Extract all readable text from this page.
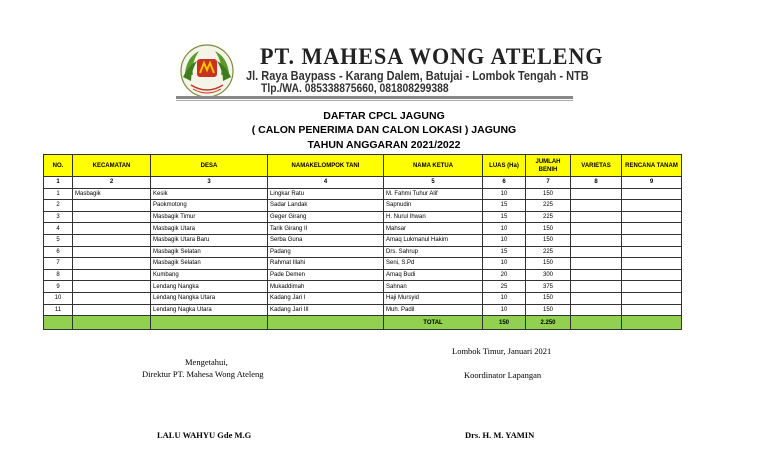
PT. MAHESA WONG ATELENG
Jl. Raya Baypass - Karang Dalem, Batujai - Lombok Tengah - NTB
Tlp./WA. 085338875660, 081808299388
DAFTAR CPCL JAGUNG
( CALON PENERIMA DAN CALON LOKASI ) JAGUNG
TAHUN ANGGARAN 2021/2022
NO.	KECAMATAN	DESA	NAMAKELOMPOK TANI	NAMA KETUA	LUAS (Ha)	JUMLAH BENIH	VARIETAS	RENCANA TANAM
1	2	3	4	5	6	7	8	9
1	Masbagik	Kesik	Lingkar Ratu	M. Fahmi Tuhur Alif	10	150		
2		Paokmotong	Sadar Landak	Sapnudin	15	225		
3		Masbagik Timur	Geger Girang	H. Nurul Ihwan	15	225		
4		Masbagik Utara	Tarik Girang II	Mahsar	10	150		
5		Masbagik Utara Baru	Serba Guna	Amaq Lukmanul Hakim	10	150		
6		Masbagik Selatan	Padang	Drs. Sahrup	15	225		
7		Masbagik Selatan	Rahmat Illahi	Seni, S.Pd	10	150		
8		Kumbang	Pade Demen	Amaq Budi	20	300		
9		Lendang Nangka	Mukaddimah	Sahnan	25	375		
10		Lendang Nangka Utara	Kadang Jari I	Haji Mursyid	10	150		
11		Lendang Nagka Utara	Kadang Jari III	Muh. Padil	10	150		
				TOTAL	150	2.250		
Lombok Timur, Januari 2021
Mengetahui,
Direktur PT. Mahesa Wong Ateleng	Koordinator Lapangan
LALU WAHYU Gde M.G	Drs. H. M. YAMIN
